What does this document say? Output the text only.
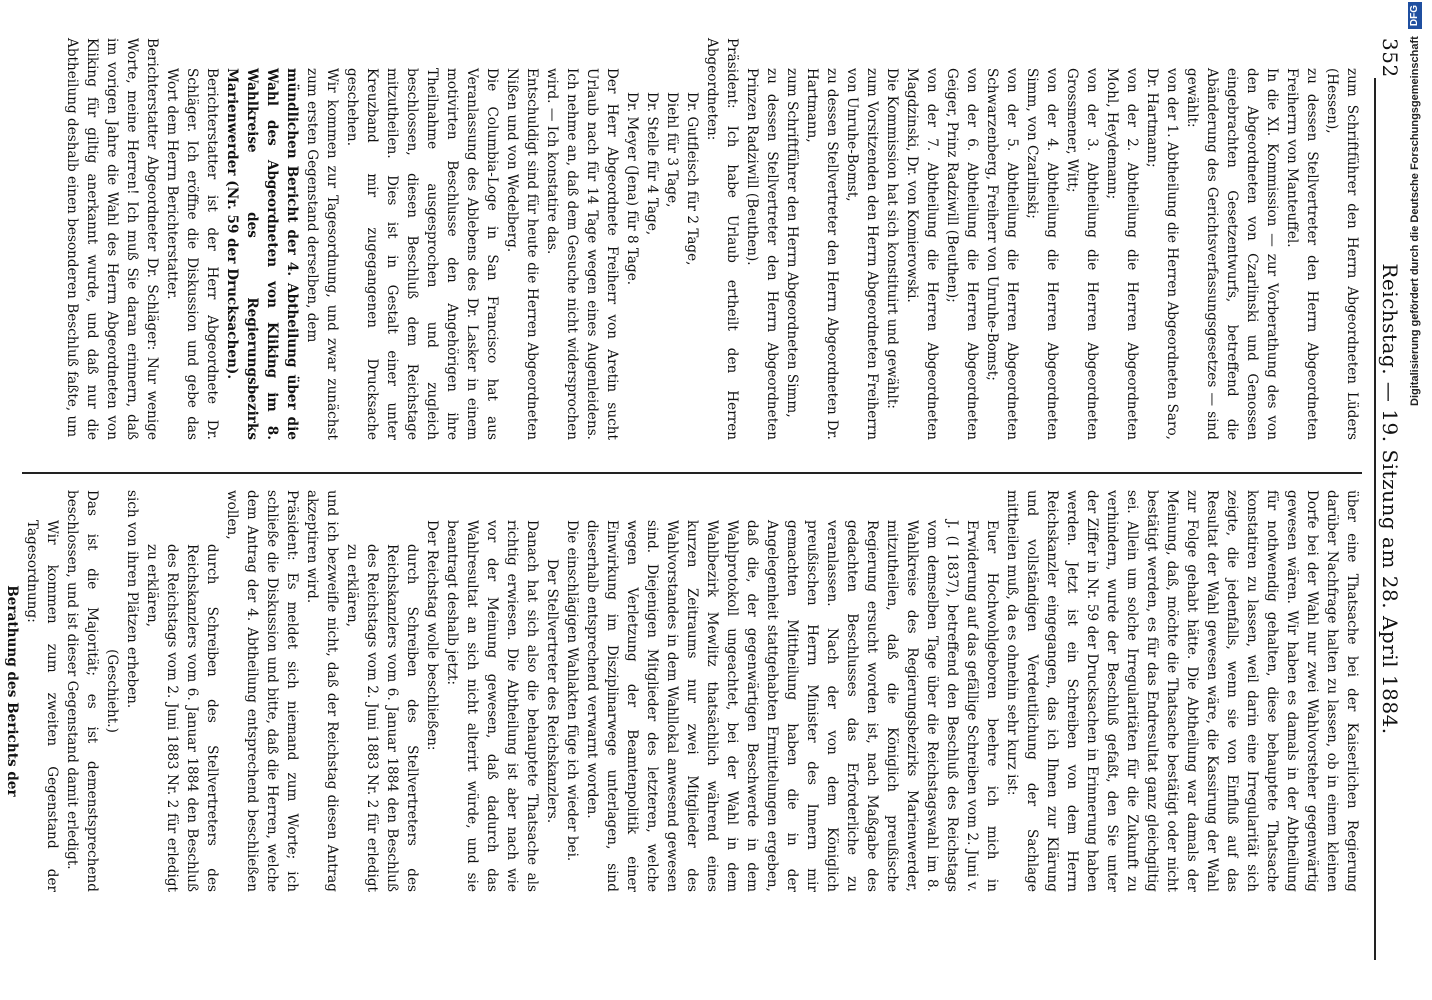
352
Reichstag. — 19. Sitzung am 28. April 1884.

zum Schriftführer den Herrn Abgeordneten Lüders (Hessen),

zu dessen Stellvertreter den Herrn Abgeordneten Freiherrn von Manteuffel.

In die XI. Kommission — zur Vorberathung des von den Abgeordneten von Czarlinski und Genossen eingebrachten Gesetzentwurfs, betreffend die Abänderung des Gerichtsverfassungsgesetzes — sind gewählt:

von der 1. Abtheilung die Herren Abgeordneten Saro, Dr. Hartmann;

von der 2. Abtheilung die Herren Abgeordneten Mohl, Heydemann;

von der 3. Abtheilung die Herren Abgeordneten Grossmener, Witt;

von der 4. Abtheilung die Herren Abgeordneten Simm, von Czarlinski;

von der 5. Abtheilung die Herren Abgeordneten Schwarzenberg, Freiherr von Unruhe-Bomst;

von der 6. Abtheilung die Herren Abgeordneten Geiger, Prinz Radziwill (Beuthen);

von der 7. Abtheilung die Herren Abgeordneten Magdzinski, Dr. von Komierowski.

Die Kommission hat sich konstituirt und gewählt:

zum Vorsitzenden den Herrn Abgeordneten Freiherrn von Unruhe-Bomst,

zu dessen Stellvertreter den Herrn Abgeordneten Dr. Hartmann,

zum Schriftführer den Herrn Abgeordneten Simm,

zu dessen Stellvertreter den Herrn Abgeordneten Prinzen Radziwill (Beuthen).

Präsident: Ich habe Urlaub ertheilt den Herren Abgeordneten:

Dr. Gutfleisch für 2 Tage,

Diehl für 3 Tage,

Dr. Stelle für 4 Tage,

Dr. Meyer (Jena) für 8 Tage.

Der Herr Abgeordnete Freiherr von Aretin sucht Urlaub nach für 14 Tage wegen eines Augenleidens. Ich nehme an, daß dem Gesuche nicht widersprochen wird. — Ich konstatire das.

Entschuldigt sind für heute die Herren Abgeordneten Nißen und von Wedelberg.

Die Columbia-Loge in San Francisco hat aus Veranlassung des Ablebens des Dr. Lasker in einem motivirten Beschlusse den Angehörigen ihre Theilnahme ausgesprochen und zugleich beschlossen, diesen Beschluß dem Reichstage mitzutheilen. Dies ist in Gestalt einer unter Kreuzband mir zugegangenen Drucksache geschehen.

Wir kommen zur Tagesordnung, und zwar zunächst zum ersten Gegenstand derselben, dem

mündlichen Bericht der 4. Abtheilung über die Wahl des Abgeordneten von Kliking im 8. Wahlkreise des Regierungsbezirks Marienwerder (Nr. 59 der Drucksachen).

Berichterstatter ist der Herr Abgeordnete Dr. Schläger. Ich eröffne die Diskussion und gebe das Wort dem Herrn Berichterstatter.

Berichterstatter Abgeordneter Dr. Schläger: Nur wenige Worte, meine Herren! Ich muß Sie daran erinnern, daß im vorigen Jahre die Wahl des Herrn Abgeordneten von Kliking für giltig anerkannt wurde, und daß nur die Abtheilung deshalb einen besonderen Beschluß faßte, um

über eine Thatsache bei der Kaiserlichen Regierung darüber Nachfrage halten zu lassen, ob in einem kleinen Dorfe bei der Wahl nur zwei Wahlvorsteher gegenwärtig gewesen wären. Wir haben es damals in der Abtheilung für nothwendig gehalten, diese behauptete Thatsache konstatiren zu lassen, weil darin eine Irregularität sich zeigte, die jedenfalls, wenn sie von Einfluß auf das Resultat der Wahl gewesen wäre, die Kassirung der Wahl zur Folge gehabt hätte. Die Abtheilung war damals der Meinung, daß, möchte die Thatsache bestätigt oder nicht bestätigt werden, es für das Endresultat ganz gleichgiltig sei. Allein um solche Irregularitäten für die Zukunft zu verhindern, wurde der Beschluß gefaßt, den Sie unter der Ziffer in Nr. 59 der Drucksachen in Erinnerung haben werden. Jetzt ist ein Schreiben von dem Herrn Reichskanzler eingegangen, das ich Ihnen zur Klärung und vollständigen Verdeutlichung der Sachlage mittheilen muß, da es ohnehin sehr kurz ist:

Euer Hochwohlgeboren beehre ich mich in Erwiderung auf das gefällige Schreiben vom 2. Juni v. J. (I 1837), betreffend den Beschluß des Reichstags vom demselben Tage über die Reichstagswahl im 8. Wahlkreise des Regierungsbezirks Marienwerder, mitzutheilen, daß die Königlich preußische Regierung ersucht worden ist, nach Maßgabe des gedachten Beschlusses das Erforderliche zu veranlassen. Nach der von dem Königlich preußischen Herrn Minister des Innern mir gemachten Mittheilung haben die in der Angelegenheit stattgehabten Ermittelungen ergeben, daß die, der gegenwärtigen Beschwerde in dem Wahlprotokoll ungeachtet, bei der Wahl in dem Wahlbezirk Mewlitz thatsächlich während eines kurzen Zeitraums nur zwei Mitglieder des Wahlvorstandes in dem Wahllokal anwesend gewesen sind. Diejenigen Mitglieder des letzteren, welche wegen Verletzung der Beamtenpolitik einer Einwirkung im Disziplinarwege unterlagen, sind dieserhalb entsprechend verwarnt worden.

Die einschlägigen Wahlakten füge ich wieder bei.

Der Stellvertreter des Reichskanzlers.

Danach hat sich also die behauptete Thatsache als richtig erwiesen. Die Abtheilung ist aber nach wie vor der Meinung gewesen, daß dadurch das Wahlresultat an sich nicht alterirt würde, und sie beantragt deshalb jetzt:

Der Reichstag wolle beschließen:

durch Schreiben des Stellvertreters des Reichskanzlers vom 6. Januar 1884 den Beschluß des Reichstags vom 2. Juni 1883 Nr. 2 für erledigt zu erklären,

und ich bezweifle nicht, daß der Reichstag diesen Antrag akzeptiren wird.

Präsident: Es meldet sich niemand zum Worte; ich schließe die Diskussion und bitte, daß die Herren, welche dem Antrag der 4. Abtheilung entsprechend beschließen wollen,

durch Schreiben des Stellvertreters des Reichskanzlers vom 6. Januar 1884 den Beschluß des Reichstags vom 2. Juni 1883 Nr. 2 für erledigt zu erklären,

sich von ihren Plätzen erheben.

(Geschieht.)

Das ist die Majorität; es ist demenstsprechend beschlossen, und ist dieser Gegenstand damit erledigt.

Wir kommen zum zweiten Gegenstand der Tagesordnung:

Berathung des Berichts der

Digitalisierung gefördert durch die Deutsche Forschungsgemeinschaft DFG
